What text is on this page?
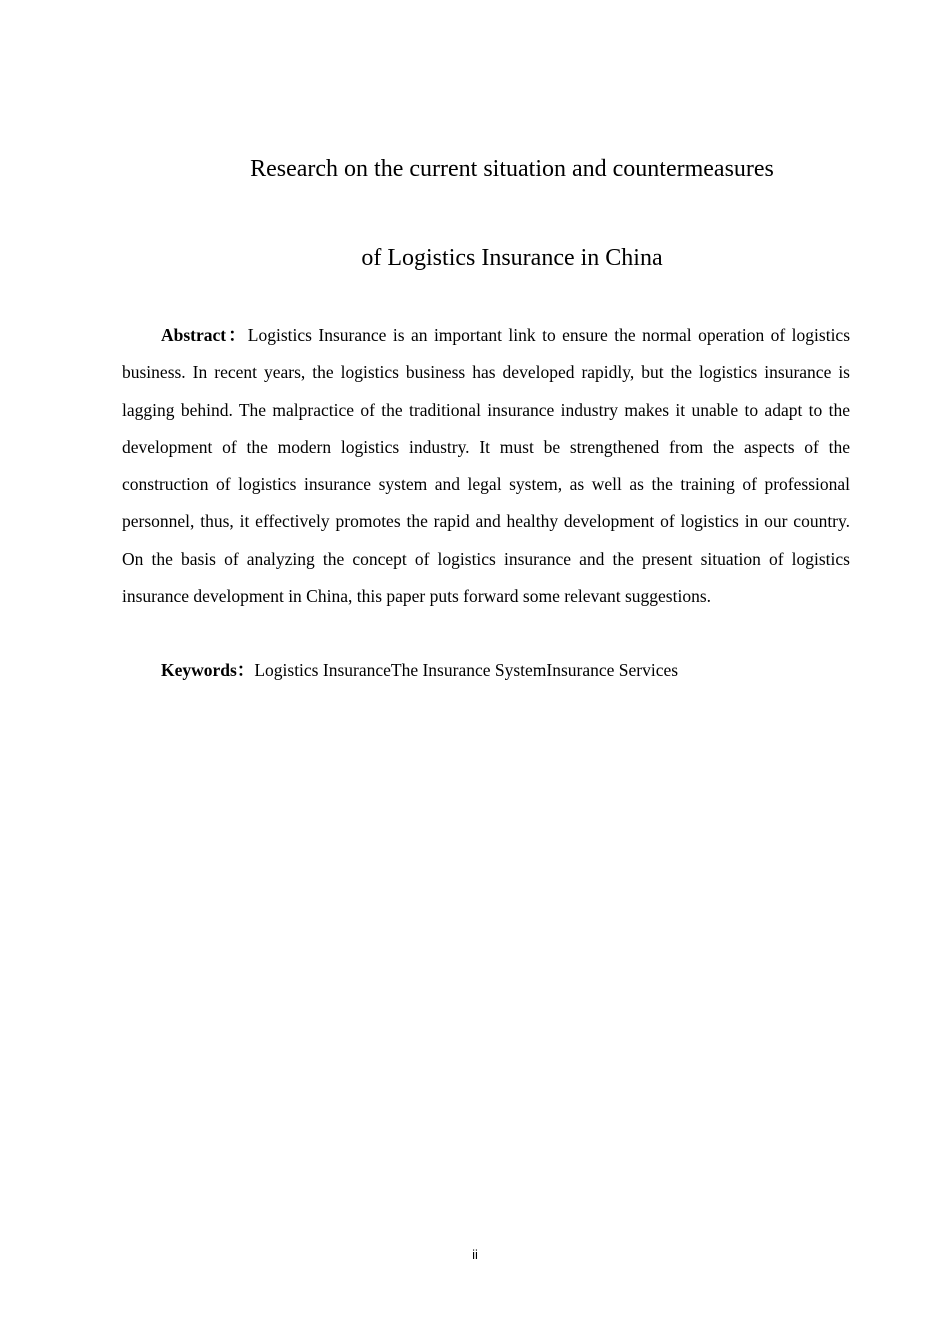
Research on the current situation and countermeasures
of Logistics Insurance in China

Abstract：Logistics Insurance is an important link to ensure the normal operation of logistics business. In recent years, the logistics business has developed rapidly, but the logistics insurance is lagging behind. The malpractice of the traditional insurance industry makes it unable to adapt to the development of the modern logistics industry. It must be strengthened from the aspects of the construction of logistics insurance system and legal system, as well as the training of professional personnel, thus, it effectively promotes the rapid and healthy development of logistics in our country. On the basis of analyzing the concept of logistics insurance and the present situation of logistics insurance development in China, this paper puts forward some relevant suggestions.

Keywords：Logistics InsuranceThe Insurance SystemInsurance Services

ii
